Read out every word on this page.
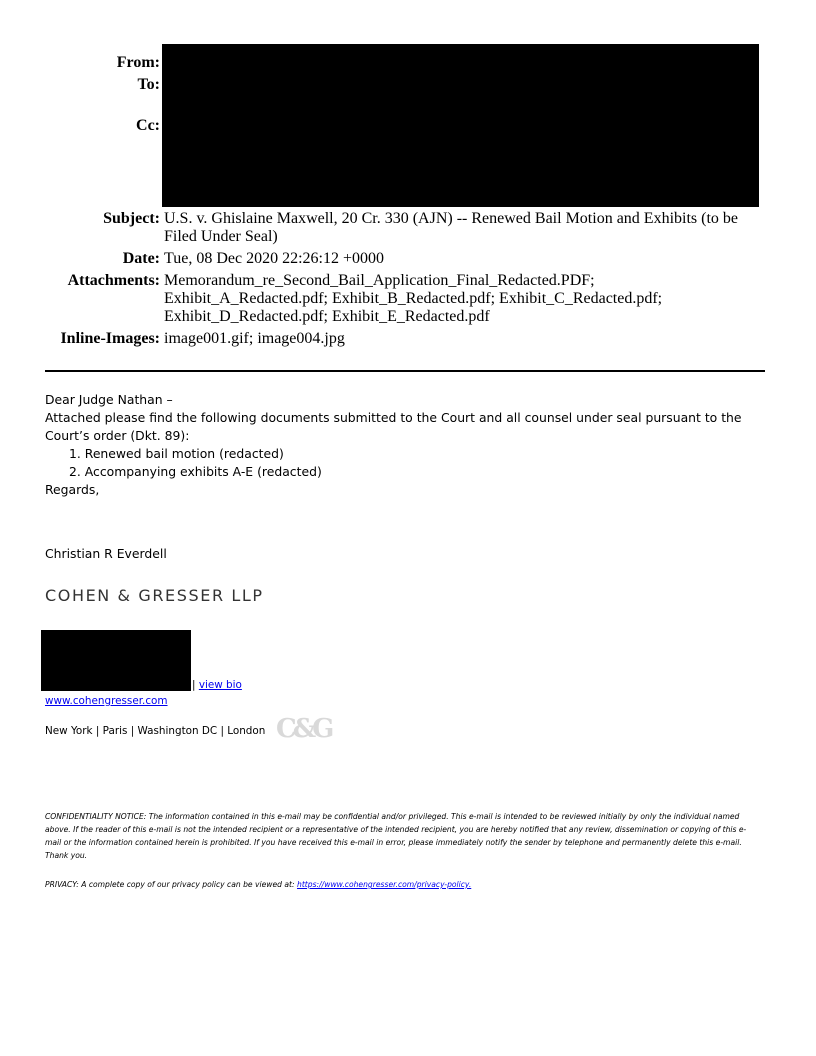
From:
To:
Cc:
Subject: U.S. v. Ghislaine Maxwell, 20 Cr. 330 (AJN) -- Renewed Bail Motion and Exhibits (to be Filed Under Seal)
Date: Tue, 08 Dec 2020 22:26:12 +0000
Attachments: Memorandum_re_Second_Bail_Application_Final_Redacted.PDF; Exhibit_A_Redacted.pdf; Exhibit_B_Redacted.pdf; Exhibit_C_Redacted.pdf; Exhibit_D_Redacted.pdf; Exhibit_E_Redacted.pdf
Inline-Images: image001.gif; image004.jpg
Dear Judge Nathan –
Attached please find the following documents submitted to the Court and all counsel under seal pursuant to the Court’s order (Dkt. 89):
1. Renewed bail motion (redacted)
2. Accompanying exhibits A-E (redacted)
Regards,
Christian R Everdell
COHEN & GRESSER LLP
| view bio
www.cohengresser.com
New York | Paris | Washington DC | London C&G
CONFIDENTIALITY NOTICE: The information contained in this e-mail may be confidential and/or privileged. This e-mail is intended to be reviewed initially by only the individual named above. If the reader of this e-mail is not the intended recipient or a representative of the intended recipient, you are hereby notified that any review, dissemination or copying of this e-mail or the information contained herein is prohibited. If you have received this e-mail in error, please immediately notify the sender by telephone and permanently delete this e-mail. Thank you.
PRIVACY: A complete copy of our privacy policy can be viewed at: https://www.cohengresser.com/privacy-policy.
